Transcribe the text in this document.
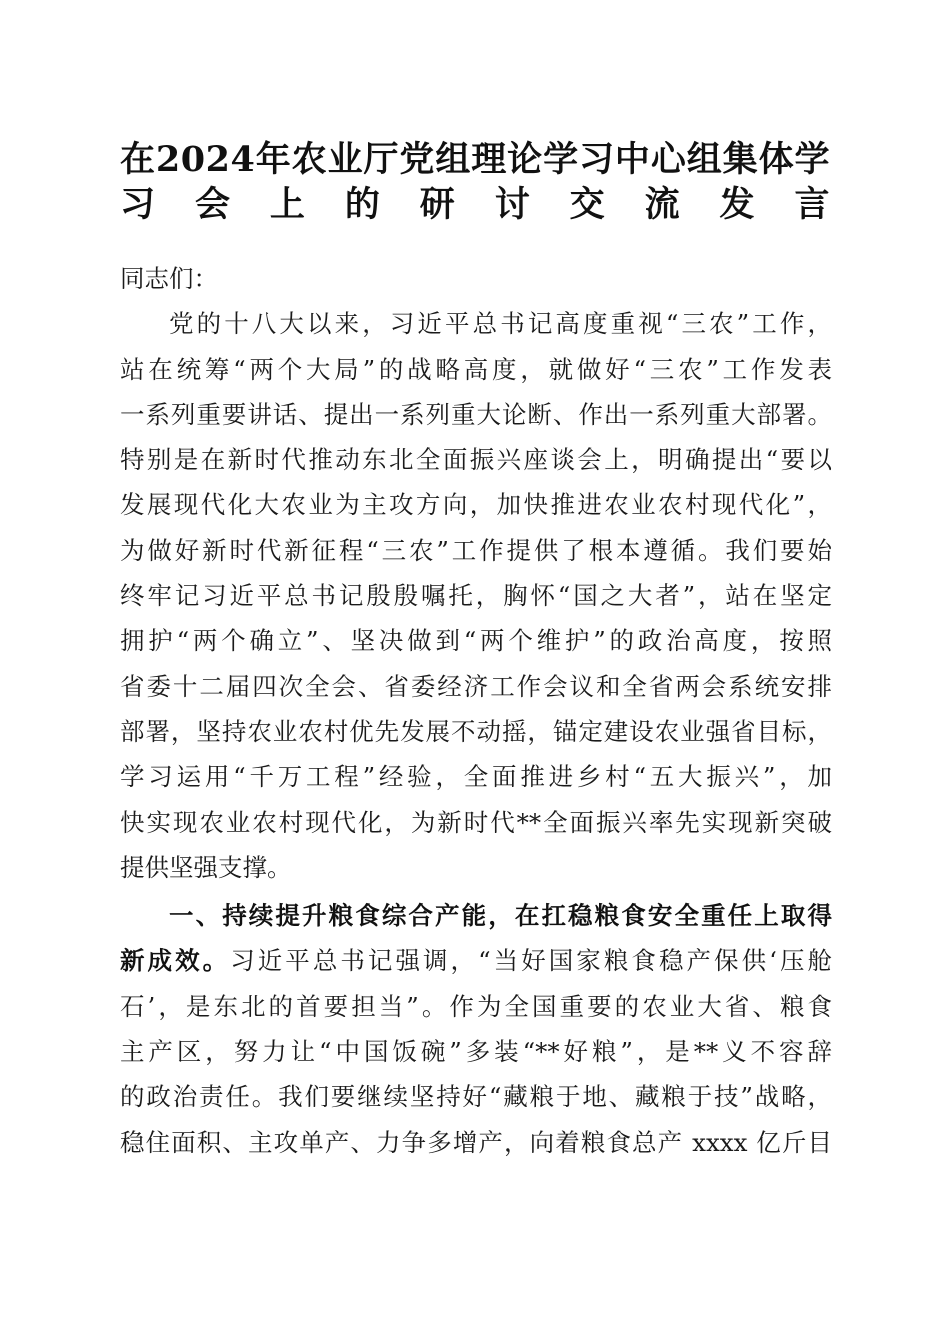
在2024年农业厅党组理论学习中心组集体学
习会上的研讨交流发言
同志们：
党的十八大以来，习近平总书记高度重视“三农”工作，
站在统筹“两个大局”的战略高度，就做好“三农”工作发表
一系列重要讲话、提出一系列重大论断、作出一系列重大部署。
特别是在新时代推动东北全面振兴座谈会上，明确提出“要以
发展现代化大农业为主攻方向，加快推进农业农村现代化”，
为做好新时代新征程“三农”工作提供了根本遵循。我们要始
终牢记习近平总书记殷殷嘱托，胸怀“国之大者”，站在坚定
拥护“两个确立”、坚决做到“两个维护”的政治高度，按照
省委十二届四次全会、省委经济工作会议和全省两会系统安排
部署，坚持农业农村优先发展不动摇，锚定建设农业强省目标，
学习运用“千万工程”经验，全面推进乡村“五大振兴”，加
快实现农业农村现代化，为新时代**全面振兴率先实现新突破
提供坚强支撑。
一、持续提升粮食综合产能，在扛稳粮食安全重任上取得
新成效。习近平总书记强调，“当好国家粮食稳产保供‘压舱
石’，是东北的首要担当”。作为全国重要的农业大省、粮食
主产区，努力让“中国饭碗”多装“**好粮”，是**义不容辞
的政治责任。我们要继续坚持好“藏粮于地、藏粮于技”战略，
稳住面积、主攻单产、力争多增产，向着粮食总产 xxxx 亿斤目
